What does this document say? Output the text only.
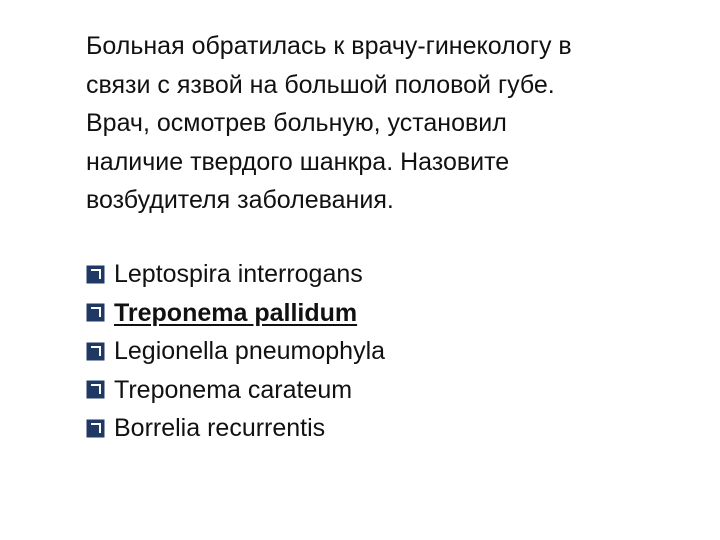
Больная обратилась к врачу-гинекологу в
связи с язвой на большой половой губе.
Врач, осмотрев больную, установил
наличие твердого шанкра. Назовите
возбудителя заболевания.

Leptospira interrogans
Treponema pallidum
Legionella pneumophyla
Treponema carateum
Borrelia recurrentis
